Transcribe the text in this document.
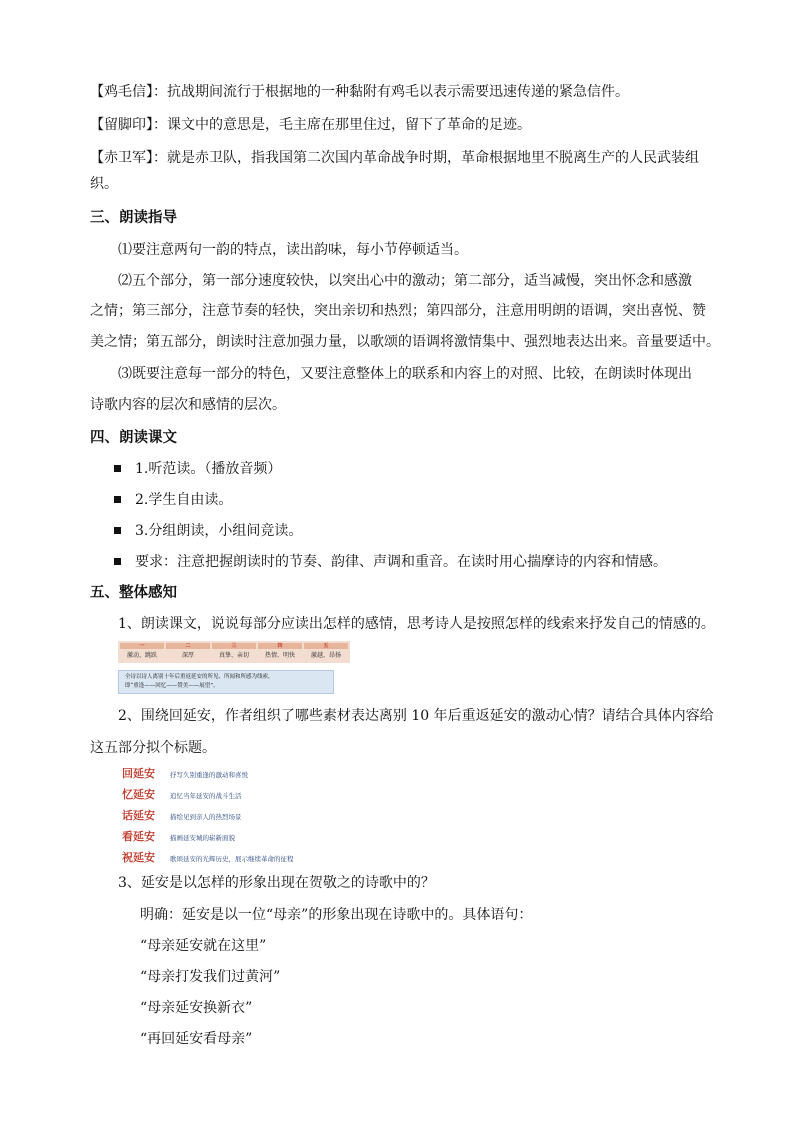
【鸡毛信】：抗战期间流行于根据地的一种黏附有鸡毛以表示需要迅速传递的紧急信件。
【留脚印】：课文中的意思是，毛主席在那里住过，留下了革命的足迹。
【赤卫军】：就是赤卫队，指我国第二次国内革命战争时期，革命根据地里不脱离生产的人民武装组
织。
三、朗读指导
⑴要注意两句一韵的特点，读出韵味，每小节停顿适当。
⑵五个部分，第一部分速度较快，以突出心中的激动；第二部分，适当减慢，突出怀念和感激
之情；第三部分，注意节奏的轻快，突出亲切和热烈；第四部分，注意用明朗的语调，突出喜悦、赞
美之情；第五部分，朗读时注意加强力量，以歌颂的语调将激情集中、强烈地表达出来。音量要适中。
⑶既要注意每一部分的特色，又要注意整体上的联系和内容上的对照、比较，在朗读时体现出
诗歌内容的层次和感情的层次。
四、朗读课文
1.听范读。（播放音频）
2.学生自由读。
3.分组朗读，小组间竞读。
要求：注意把握朗读时的节奏、韵律、声调和重音。在读时用心揣摩诗的内容和情感。
五、整体感知
1、朗读课文，说说每部分应读出怎样的感情，思考诗人是按照怎样的线索来抒发自己的情感的。
一
激动、跳跃
二
深厚
三
真挚、亲切
四
热情、明快
五
激越、昂扬
全诗以诗人离别十年后重返延安的所见、所闻和所感为线索，
即“重逢——回忆——赞美——展望”。
2、围绕回延安，作者组织了哪些素材表达离别 10 年后重返延安的激动心情？请结合具体内容给
这五部分拟个标题。
回延安 抒写久别重逢的激动和喜悦
忆延安 追忆当年延安的战斗生活
话延安 描绘见到亲人的热烈场景
看延安 描画延安城的崭新面貌
祝延安 歌颂延安的光辉历史，展示继续革命的征程
3、延安是以怎样的形象出现在贺敬之的诗歌中的？
明确：延安是以一位“母亲”的形象出现在诗歌中的。具体语句：
“母亲延安就在这里”
“母亲打发我们过黄河”
“母亲延安换新衣”
“再回延安看母亲”
